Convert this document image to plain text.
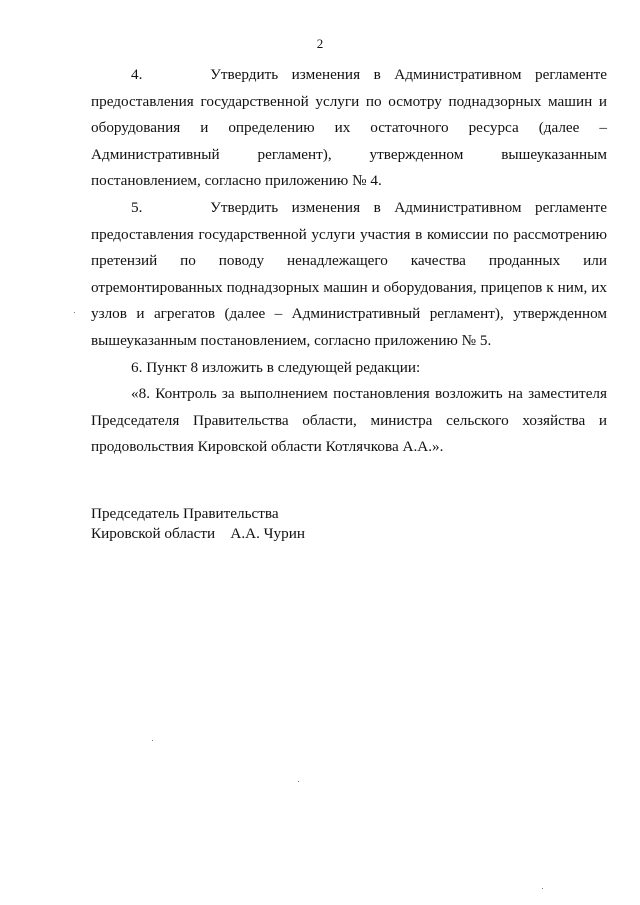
2

4.     Утвердить изменения в Административном регламенте предоставления государственной услуги по осмотру поднадзорных машин и оборудования и определению их остаточного ресурса (далее – Административный регламент), утвержденном вышеуказанным постановлением, согласно приложению № 4.

5.     Утвердить изменения в Административном регламенте предоставления государственной услуги участия в комиссии по рассмотрению претензий по поводу ненадлежащего качества проданных или отремонтированных поднадзорных машин и оборудования, прицепов к ним, их узлов и агрегатов (далее – Административный регламент), утвержденном вышеуказанным постановлением, согласно приложению № 5.

6. Пункт 8 изложить в следующей редакции:

«8. Контроль за выполнением постановления возложить на заместителя Председателя Правительства области, министра сельского хозяйства и продовольствия Кировской области Котлячкова А.А.».

Председатель Правительства
Кировской области А.А. Чурин
